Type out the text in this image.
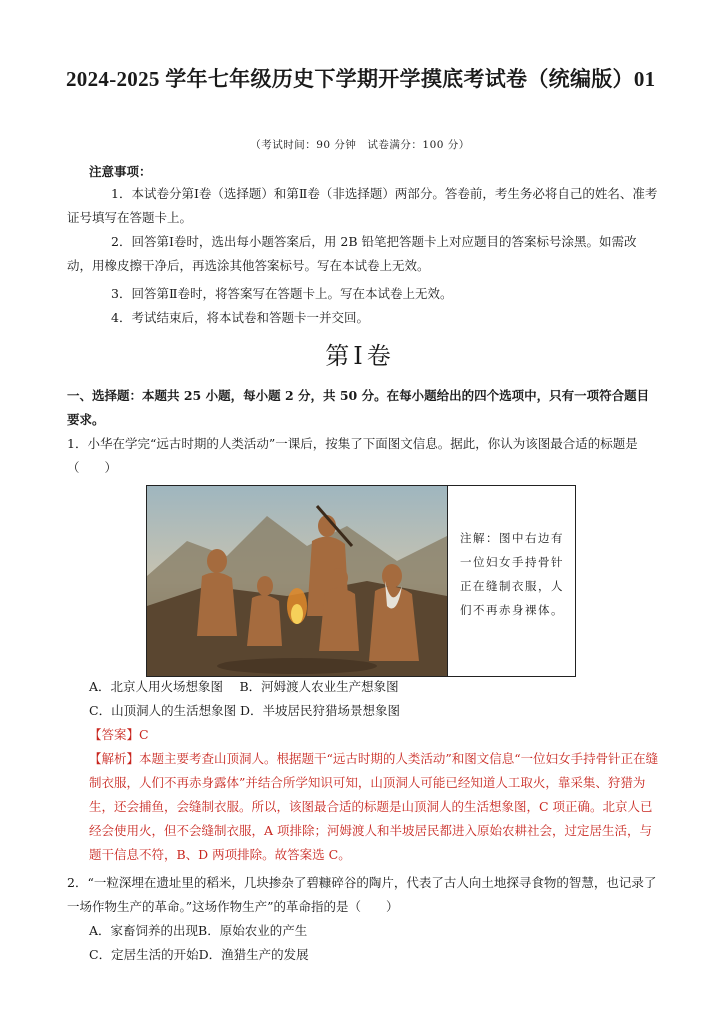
2024-2025 学年七年级历史下学期开学摸底考试卷（统编版）01
（考试时间：90 分钟　试卷满分：100 分）
注意事项：
1．本试卷分第Ⅰ卷（选择题）和第Ⅱ卷（非选择题）两部分。答卷前，考生务必将自己的姓名、准考证号填写在答题卡上。
2．回答第Ⅰ卷时，选出每小题答案后，用 2B 铅笔把答题卡上对应题目的答案标号涂黑。如需改动，用橡皮擦干净后，再选涂其他答案标号。写在本试卷上无效。
3．回答第Ⅱ卷时，将答案写在答题卡上。写在本试卷上无效。
4．考试结束后，将本试卷和答题卡一并交回。
第Ⅰ卷
一、选择题：本题共 25 小题，每小题 2 分，共 50 分。在每小题给出的四个选项中，只有一项符合题目要求。
1．小华在学完“远古时期的人类活动”一课后，按集了下面图文信息。据此，你认为该图最合适的标题是（　　）
注解：图中右边有一位妇女手持骨针正在缝制衣服，人们不再赤身裸体。
A．北京人用火场想象图　 B．河姆渡人农业生产想象图
C．山顶洞人的生活想象图 D．半坡居民狩猎场景想象图
【答案】C
【解析】本题主要考查山顶洞人。根据题干“远古时期的人类活动”和图文信息“一位妇女手持骨针正在缝制衣服，人们不再赤身露体”并结合所学知识可知，山顶洞人可能已经知道人工取火，靠采集、狩猎为生，还会捕鱼，会缝制衣服。所以，该图最合适的标题是山顶洞人的生活想象图，C 项正确。北京人已经会使用火，但不会缝制衣服，A 项排除；河姆渡人和半坡居民都进入原始农耕社会，过定居生活，与题干信息不符，B、D 两项排除。故答案选 C。
2．“一粒深埋在遗址里的稻米，几块掺杂了碧糠碎谷的陶片，代表了古人向土地探寻食物的智慧，也记录了一场作物生产的革命。”这场作物生产”的革命指的是（　　）
A．家畜饲养的出现B．原始农业的产生
C．定居生活的开始D．渔猎生产的发展
